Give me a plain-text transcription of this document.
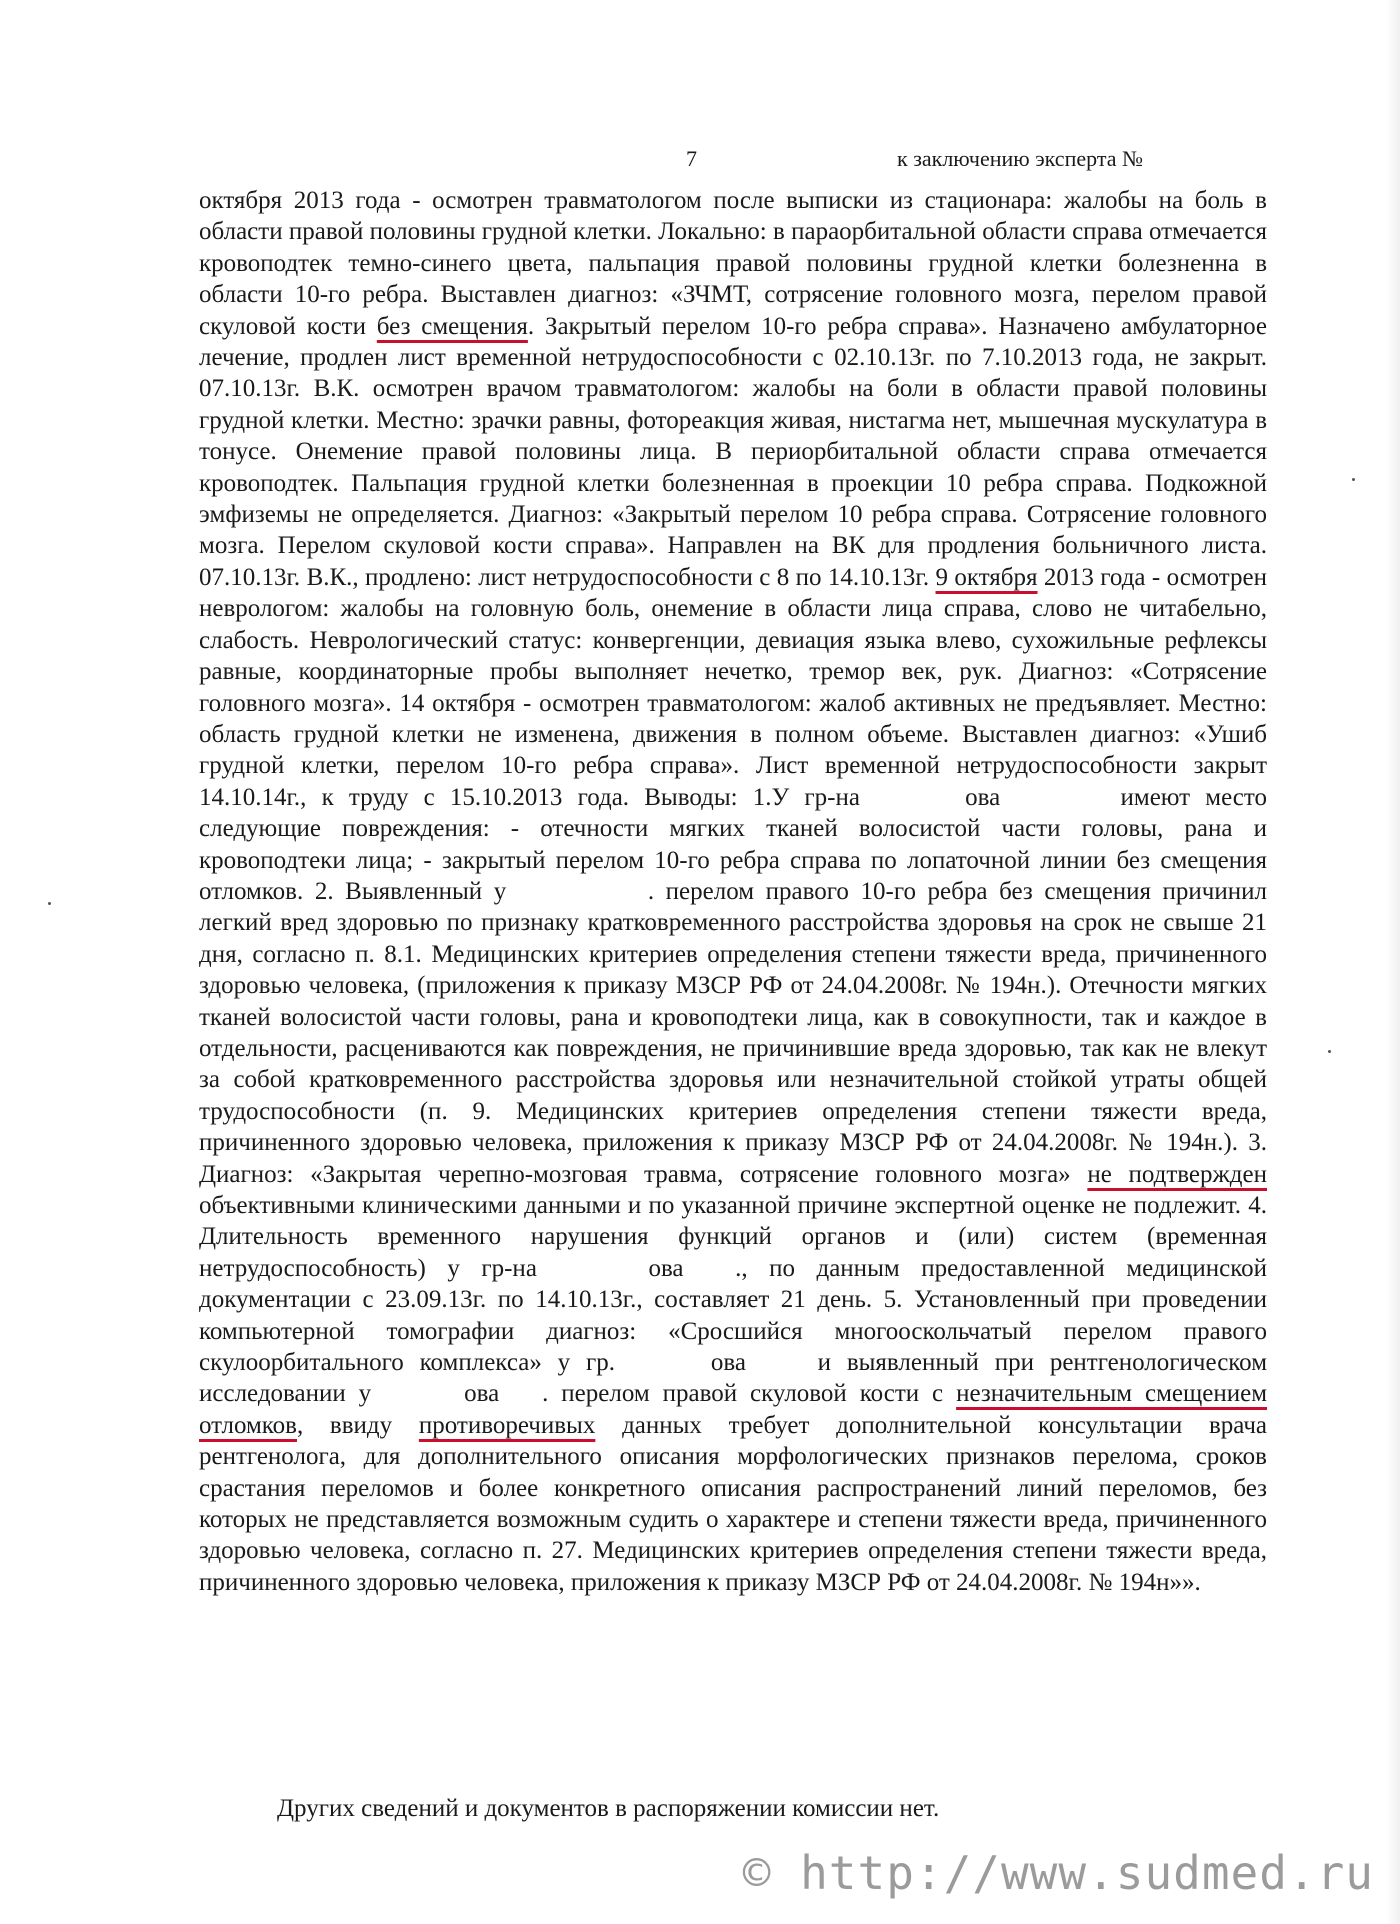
7	к заключению эксперта №

октября 2013 года - осмотрен травматологом после выписки из стационара: жалобы на боль в области правой половины грудной клетки. Локально: в параорбитальной области справа отмечается кровоподтек темно-синего цвета, пальпация правой половины грудной клетки болезненна в области 10-го ребра. Выставлен диагноз: «ЗЧМТ, сотрясение головного мозга, перелом правой скуловой кости без смещения. Закрытый перелом 10-го ребра справа». Назначено амбулаторное лечение, продлен лист временной нетрудоспособности с 02.10.13г. по 7.10.2013 года, не закрыт. 07.10.13г. В.К. осмотрен врачом травматологом: жалобы на боли в области правой половины грудной клетки. Местно: зрачки равны, фотореакция живая, нистагма нет, мышечная мускулатура в тонусе. Онемение правой половины лица. В периорбитальной области справа отмечается кровоподтек. Пальпация грудной клетки болезненная в проекции 10 ребра справа. Подкожной эмфиземы не определяется. Диагноз: «Закрытый перелом 10 ребра справа. Сотрясение головного мозга. Перелом скуловой кости справа». Направлен на ВК для продления больничного листа. 07.10.13г. В.К., продлено: лист нетрудоспособности с 8 по 14.10.13г. 9 октября 2013 года - осмотрен неврологом: жалобы на головную боль, онемение в области лица справа, слово не читабельно, слабость. Неврологический статус: конвергенции, девиация языка влево, сухожильные рефлексы равные, координаторные пробы выполняет нечетко, тремор век, рук. Диагноз: «Сотрясение головного мозга». 14 октября - осмотрен травматологом: жалоб активных не предъявляет. Местно: область грудной клетки не изменена, движения в полном объеме. Выставлен диагноз: «Ушиб грудной клетки, перелом 10-го ребра справа». Лист временной нетрудоспособности закрыт 14.10.14г., к труду с 15.10.2013 года. Выводы: 1.У гр-на	ова	имеют место следующие повреждения: - отечности мягких тканей волосистой части головы, рана и кровоподтеки лица; - закрытый перелом 10-го ребра справа по лопаточной линии без смещения отломков. 2. Выявленный у	. перелом правого 10-го ребра без смещения причинил легкий вред здоровью по признаку кратковременного расстройства здоровья на срок не свыше 21 дня, согласно п. 8.1. Медицинских критериев определения степени тяжести вреда, причиненного здоровью человека, (приложения к приказу МЗСР РФ от 24.04.2008г. № 194н.). Отечности мягких тканей волосистой части головы, рана и кровоподтеки лица, как в совокупности, так и каждое в отдельности, расцениваются как повреждения, не причинившие вреда здоровью, так как не влекут за собой кратковременного расстройства здоровья или незначительной стойкой утраты общей трудоспособности (п. 9. Медицинских критериев определения степени тяжести вреда, причиненного здоровью человека, приложения к приказу МЗСР РФ от 24.04.2008г. № 194н.). 3. Диагноз: «Закрытая черепно-мозговая травма, сотрясение головного мозга» не подтвержден объективными клиническими данными и по указанной причине экспертной оценке не подлежит. 4. Длительность временного нарушения функций органов и (или) систем (временная нетрудоспособность) у гр-на	ова ., по данным предоставленной медицинской документации с 23.09.13г. по 14.10.13г., составляет 21 день. 5. Установленный при проведении компьютерной томографии диагноз: «Сросшийся многооскольчатый перелом правого скулоорбитального комплекса» у гр.	ова	и выявленный при рентгенологическом исследовании у	ова . перелом правой скуловой кости с незначительным смещением отломков, ввиду противоречивых данных требует дополнительной консультации врача рентгенолога, для дополнительного описания морфологических признаков перелома, сроков срастания переломов и более конкретного описания распространений линий переломов, без которых не представляется возможным судить о характере и степени тяжести вреда, причиненного здоровью человека, согласно п. 27. Медицинских критериев определения степени тяжести вреда, причиненного здоровью человека, приложения к приказу МЗСР РФ от 24.04.2008г. № 194н»».

Других сведений и документов в распоряжении комиссии нет.

© http://www.sudmed.ru
